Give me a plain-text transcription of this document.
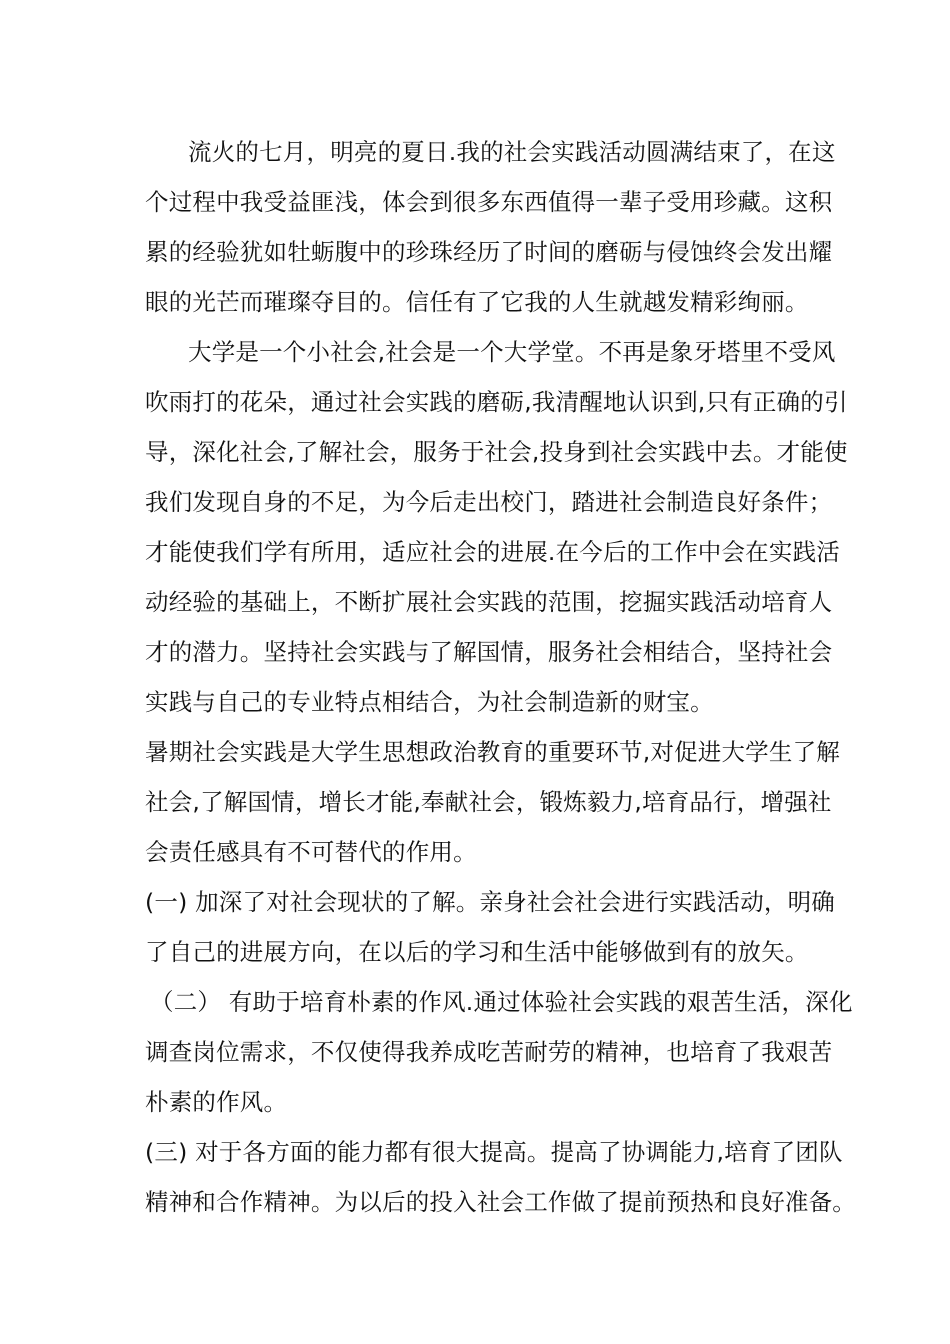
流火的七月，明亮的夏日.我的社会实践活动圆满结束了，在这

个过程中我受益匪浅，体会到很多东西值得一辈子受用珍藏。这积

累的经验犹如牡蛎腹中的珍珠经历了时间的磨砺与侵蚀终会发出耀

眼的光芒而璀璨夺目的。信任有了它我的人生就越发精彩绚丽。

大学是一个小社会,社会是一个大学堂。不再是象牙塔里不受风

吹雨打的花朵，通过社会实践的磨砺,我清醒地认识到,只有正确的引

导，深化社会,了解社会，服务于社会,投身到社会实践中去。才能使

我们发现自身的不足，为今后走出校门，踏进社会制造良好条件；

才能使我们学有所用，适应社会的进展.在今后的工作中会在实践活

动经验的基础上，不断扩展社会实践的范围，挖掘实践活动培育人

才的潜力。坚持社会实践与了解国情，服务社会相结合，坚持社会

实践与自己的专业特点相结合，为社会制造新的财宝。

暑期社会实践是大学生思想政治教育的重要环节,对促进大学生了解

社会,了解国情，增长才能,奉献社会，锻炼毅力,培育品行，增强社

会责任感具有不可替代的作用。

(一) 加深了对社会现状的了解。亲身社会社会进行实践活动，明确

了自己的进展方向，在以后的学习和生活中能够做到有的放矢。

（二） 有助于培育朴素的作风.通过体验社会实践的艰苦生活，深化

调查岗位需求，不仅使得我养成吃苦耐劳的精神，也培育了我艰苦

朴素的作风。

(三) 对于各方面的能力都有很大提高。提高了协调能力,培育了团队

精神和合作精神。为以后的投入社会工作做了提前预热和良好准备。
